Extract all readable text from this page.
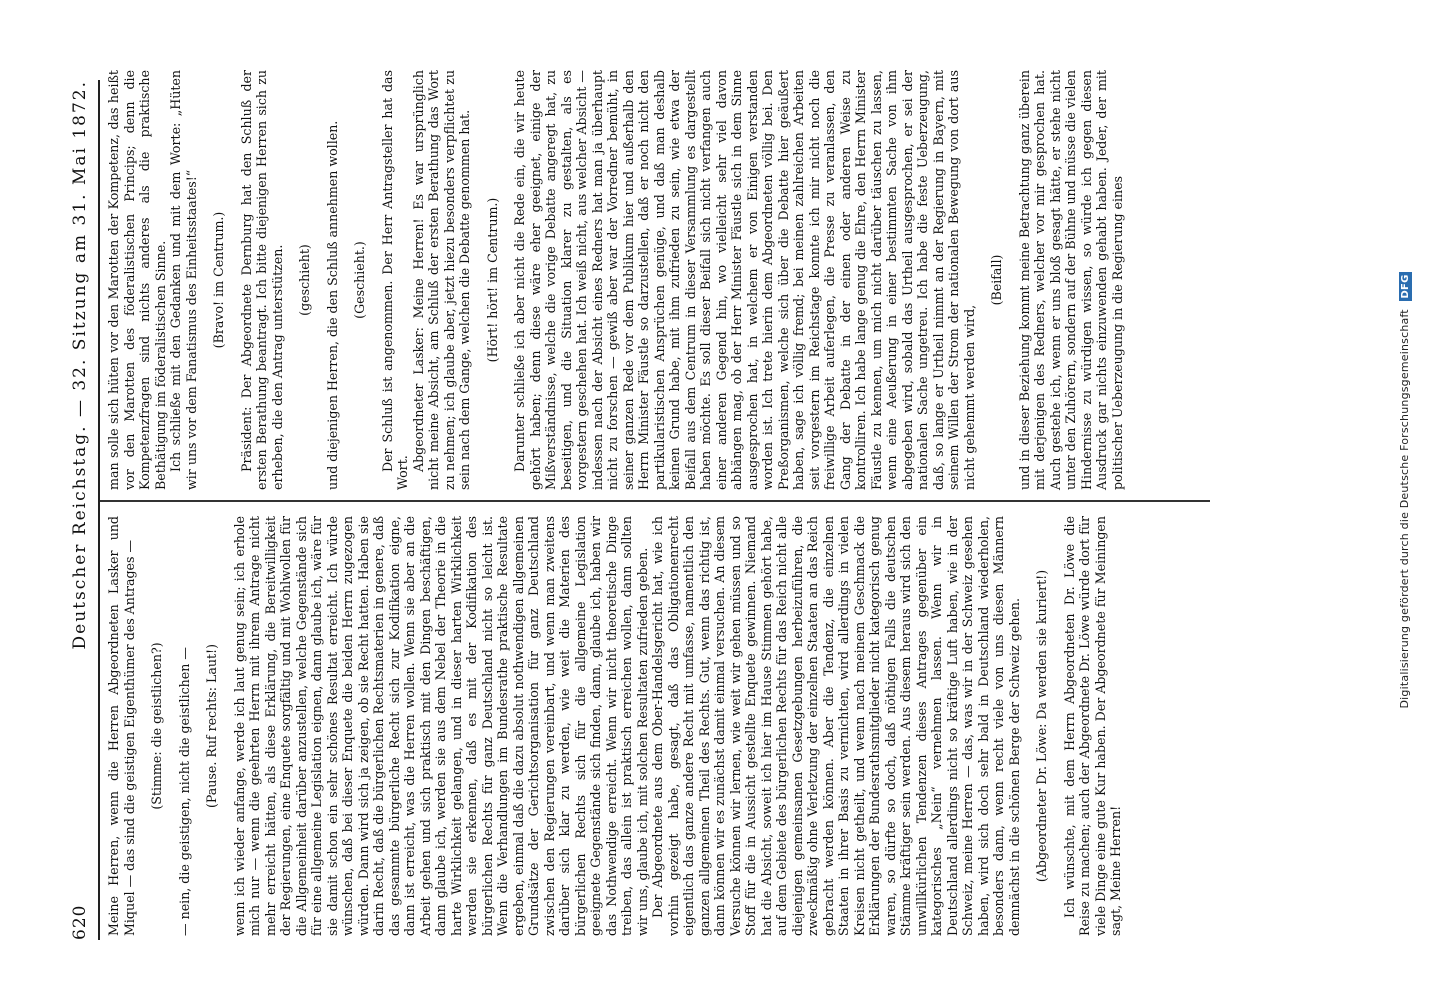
620
Deutscher Reichstag. — 32. Sitzung am 31. Mai 1872.

Meine Herren, wenn die Herren Abgeordneten Lasker und Miquel — das sind die geistigen Eigenthümer des Antrages — (Stimme: die geistlichen?) — nein, die geistigen, nicht die geistlichen — (Pause. Ruf rechts: Laut!) wenn ich wieder anfange, werde ich laut genug sein; ich erhole mich nur — wenn die geehrten Herrn mit ihrem Antrage nicht mehr erreicht hätten, als diese Erklärung, die Bereitwilligkeit der Regierungen, eine Enquete sorgfältig und mit Wohlwollen für die Allgemeinheit darüber anzustellen, welche Gegenstände sich für eine allgemeine Legislation eignen, dann glaube ich, wäre für sie damit schon ein sehr schönes Resultat erreicht. Ich würde wünschen, daß bei dieser Enquete die beiden Herrn zugezogen würden. Dann wird sich ja zeigen, ob sie Recht hatten. Haben sie darin Recht, daß die bürgerlichen Rechtsmaterien in genere, daß das gesammte bürgerliche Recht sich zur Kodifikation eigne, dann ist erreicht, was die Herren wollen. Wenn sie aber an die Arbeit gehen und sich praktisch mit den Dingen beschäftigen, dann glaube ich, werden sie aus dem Nebel der Theorie in die harte Wirklichkeit gelangen, und in dieser harten Wirklichkeit werden sie erkennen, daß es mit der Kodifikation des bürgerlichen Rechts für ganz Deutschland nicht so leicht ist. Wenn die Verhandlungen im Bundesrathe praktische Resultate ergeben, einmal daß die dazu absolut nothwendigen allgemeinen Grundsätze der Gerichtsorganisation für ganz Deutschland zwischen den Regierungen vereinbart, und wenn man zweitens darüber sich klar zu werden, wie weit die Materien des bürgerlichen Rechts sich für die allgemeine Legislation geeignete Gegenstände sich finden, dann, glaube ich, haben wir das Nothwendige erreicht. Wenn wir nicht theoretische Dinge treiben, das allein ist praktisch erreichen wollen, dann sollten wir uns, glaube ich, mit solchen Resultaten zufrieden geben. Der Abgeordnete aus dem Ober-Handelsgericht hat, wie ich vorhin gezeigt habe, gesagt, daß das Obligationenrecht eigentlich das ganze andere Recht mit umfasse, namentlich den ganzen allgemeinen Theil des Rechts. Gut, wenn das richtig ist, dann können wir es zunächst damit einmal versuchen. An diesem Versuche können wir lernen, wie weit wir gehen müssen und so Stoff für die in Aussicht gestellte Enquete gewinnen. Niemand hat die Absicht, soweit ich hier im Hause Stimmen gehört habe, auf dem Gebiete des bürgerlichen Rechts für das Reich nicht alle diejenigen gemeinsamen Gesetzgebungen herbeizuführen, die zweckmäßig ohne Verletzung der einzelnen Staaten an das Reich gebracht werden können. Aber die Tendenz, die einzelnen Staaten in ihrer Basis zu vernichten, wird allerdings in vielen Kreisen nicht getheilt, und wenn nach meinem Geschmack die Erklärungen der Bundesrathsmitglieder nicht kategorisch genug waren, so dürfte so doch, daß nöthigen Falls die deutschen Stämme kräftiger sein werden. Aus diesem heraus wird sich den unwillkürlichen Tendenzen dieses Antrages gegenüber ein kategorisches „Nein“ vernehmen lassen. Wenn wir in Deutschland allerdings nicht so kräftige Luft haben, wie in der Schweiz, meine Herren — das, was wir in der Schweiz gesehen haben, wird sich doch sehr bald in Deutschland wiederholen, besonders dann, wenn recht viele von uns diesen Männern demnächst in die schönen Berge der Schweiz gehen. (Abgeordneter Dr. Löwe: Da werden sie kuriert!) Ich wünschte, mit dem Herrn Abgeordneten Dr. Löwe die Reise zu machen; auch der Abgeordnete Dr. Löwe würde dort für viele Dinge eine gute Kur haben. Der Abgeordnete für Meiningen sagt, Meine Herren!

man solle sich hüten vor den Marotten der Kompetenz, das heißt vor den Marotten des föderalistischen Princips; denn die Kompetenzfragen sind nichts anderes als die praktische Bethätigung im föderalistischen Sinne. Ich schließe mit den Gedanken und mit dem Worte: „Hüten wir uns vor dem Fanatismus des Einheitsstaates!“ (Bravo! im Centrum.) Präsident: Der Abgeordnete Dernburg hat den Schluß der ersten Berathung beantragt. Ich bitte diejenigen Herren sich zu erheben, die den Antrag unterstützen. (geschieht) und diejenigen Herren, die den Schluß annehmen wollen. (Geschieht.) Der Schluß ist angenommen. Der Herr Antragsteller hat das Wort.

Abgeordneter Lasker: Meine Herren! Es war ursprünglich nicht meine Absicht, am Schluß der ersten Berathung das Wort zu nehmen; ich glaube aber, jetzt hiezu besonders verpflichtet zu sein nach dem Gange, welchen die Debatte genommen hat. (Hört! hört! im Centrum.) Darunter schließe ich aber nicht die Rede ein, die wir heute gehört haben; denn diese wäre eher geeignet, einige der Mißverständnisse, welche die vorige Debatte angeregt hat, zu beseitigen, und die Situation klarer zu gestalten, als es vorgestern geschehen hat. Ich weiß nicht, aus welcher Absicht — indessen nach der Absicht eines Redners hat man ja überhaupt nicht zu forschen — gewiß aber war der Vorredner bemüht, in seiner ganzen Rede vor dem Publikum hier und außerhalb den Herrn Minister Fäustle so darzustellen, daß er noch nicht den partikularistischen Ansprüchen genüge, und daß man deshalb keinen Grund habe, mit ihm zufrieden zu sein, wie etwa der Beifall aus dem Centrum in dieser Versammlung es dargestellt haben möchte. Es soll dieser Beifall sich nicht verfangen auch einer anderen Gegend hin, wo vielleicht sehr viel davon abhängen mag, ob der Herr Minister Fäustle sich in dem Sinne ausgesprochen hat, in welchem er von Einigen verstanden worden ist. Ich trete hierin dem Abgeordneten völlig bei. Den Preßorganismen, welche sich über die Debatte hier geäußert haben, sage ich völlig fremd; bei meinen zahlreichen Arbeiten seit vorgestern im Reichstage konnte ich mir nicht noch die freiwillige Arbeit auferlegen, die Presse zu veranlassen, den Gang der Debatte in der einen oder anderen Weise zu kontrolliren. Ich habe lange genug die Ehre, den Herrn Minister Fäustle zu kennen, um mich nicht darüber täuschen zu lassen, wenn eine Aeußerung in einer bestimmten Sache von ihm abgegeben wird, sobald das Urtheil ausgesprochen, er sei der nationalen Sache ungetreu. Ich habe die feste Ueberzeugung, daß, so lange er Urtheil nimmt an der Regierung in Bayern, mit seinem Willen der Strom der nationalen Bewegung von dort aus nicht gehemmt werden wird,

(Beifall) und in dieser Beziehung kommt meine Betrachtung ganz überein mit derjenigen des Redners, welcher vor mir gesprochen hat. Auch gestehe ich, wenn er uns bloß gesagt hätte, er stehe nicht unter den Zuhörern, sondern auf der Bühne und müsse die vielen Hindernisse zu würdigen wissen, so würde ich gegen diesen Ausdruck gar nichts einzuwenden gehabt haben. Jeder, der mit politischer Ueberzeugung in die Regierung eines	Digitalisierung gefördert durch die Deutsche Forschungsgemeinschaft DFG
